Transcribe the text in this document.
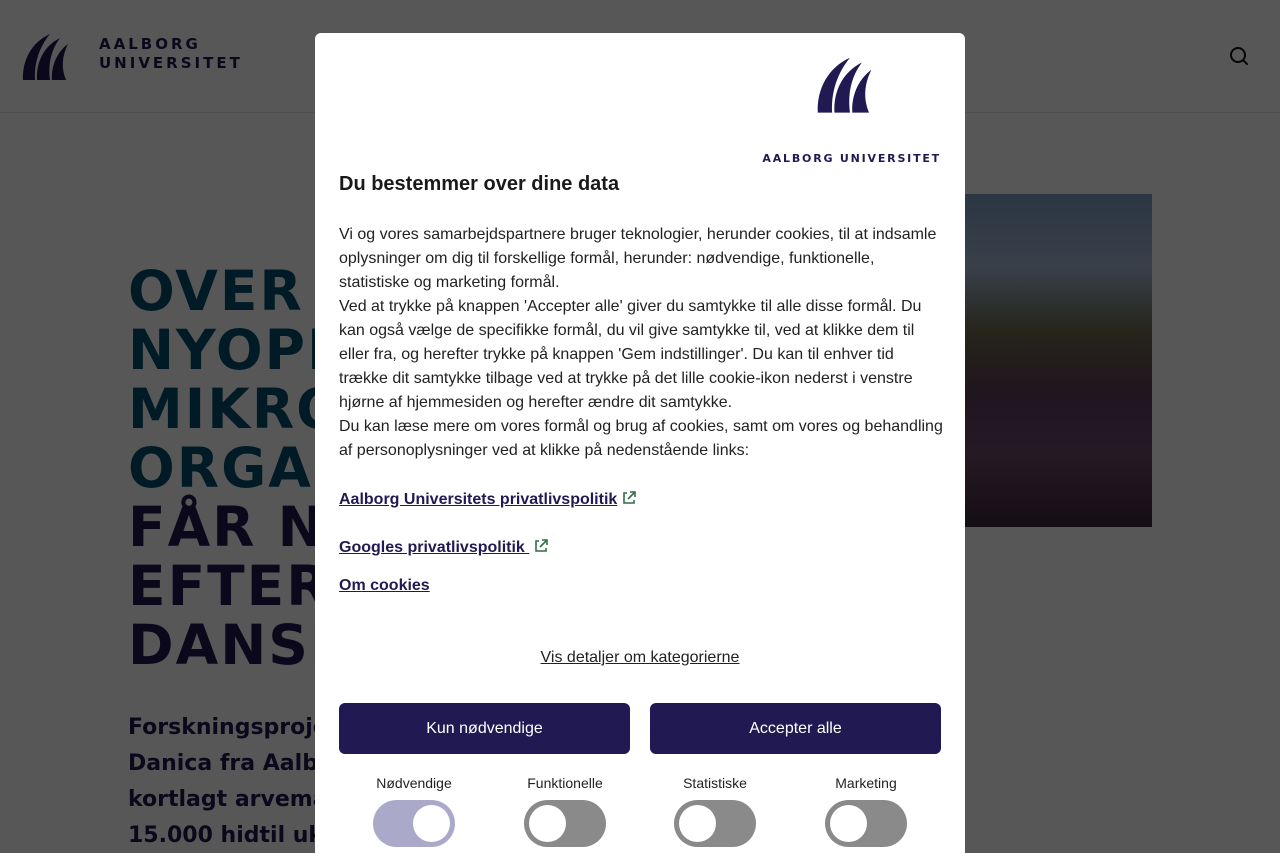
AALBORG UNIVERSITET
Du bestemmer over dine data

Vi og vores samarbejdspartnere bruger teknologier, herunder cookies, til at indsamle oplysninger om dig til forskellige formål, herunder: nødvendige, funktionelle, statistiske og marketing formål.

Ved at trykke på knappen 'Accepter alle' giver du samtykke til alle disse formål. Du kan også vælge de specifikke formål, du vil give samtykke til, ved at klikke dem til eller fra, og herefter trykke på knappen 'Gem indstillinger'. Du kan til enhver tid trække dit samtykke tilbage ved at trykke på det lille cookie-ikon nederst i venstre hjørne af hjemmesiden og herefter ændre dit samtykke.

Du kan læse mere om vores formål og brug af cookies, samt om vores og behandling af personoplysninger ved at klikke på nedenstående links:

Aalborg Universitets privatlivspolitik
Googles privatlivspolitik
Om cookies
Vis detaljer om kategorierne
Kun nødvendige	Accepter alle
Nødvendige	Funktionelle	Statistiske	Marketing
